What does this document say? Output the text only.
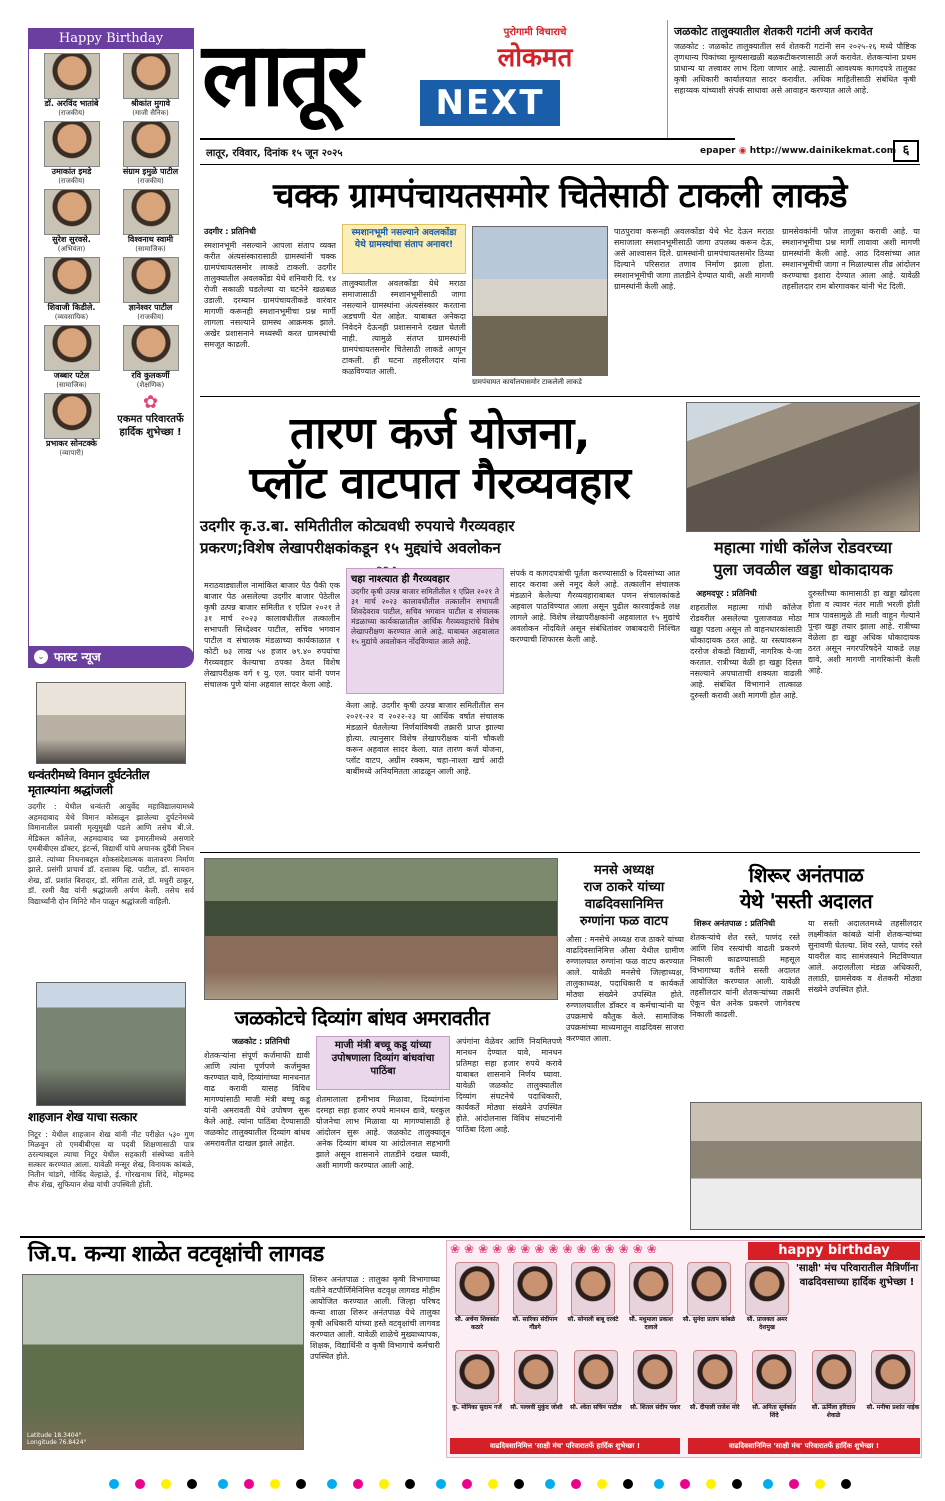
Happy Birthday
डॉ. अरविंद भातांबे
(राजकीय)
श्रीकांत मुगावे
(माजी सैनिक)
उमाकांत इमडे
(राजकीय)
संग्राम इमुळे पाटील
(राजकीय)
सुरेश सुरवसे.
(अभियंता)
विश्‍वनाथ स्वामी
(सामाजिक)
शिवाजी किडीले.
(व्यवसायिक)
ज्ञानेश्वर पाटील
(राजकीय)
जब्बार पटेल
(सामाजिक)
रवि कुलकर्णी
(शैक्षणिक)
प्रभाकर सोनटक्के
(व्यापारी)
✿
एकमत परिवारतर्फे हार्दिक शुभेच्छा !
फास्ट न्यूज
⌄
धन्वंतरीमध्ये विमान दुर्घटनेतील मृतात्म्यांना श्रद्धांजली
उदगीर : येथील धन्वंतरी आयुर्वेद महाविद्यालयामध्ये अहमदाबाद येथे विमान कोसळून झालेल्या दुर्घटनेमध्ये विमानातील प्रवासी मृत्युमुखी पडले आणि तसेच बी.जे. मेडिकल कॉलेज, अहमदाबाद च्या इमारतीमध्ये असणारे एमबीबीएस डॉक्टर, इंटर्न्स, विद्यार्थी यांचे अचानक दुर्दैवी निधन झाले. त्यांच्या निधनाबद्दल शोकसंदेशात्मक वातावरण निर्माण झाले. प्रसंगी प्राचार्य डॉ. दत्तात्रय व्हि. पाटील, डॉ. सायरान शेख, डॉ. प्रशांत बिरादार, डॉ. संगिता टाले, डॉ. मधुरी ठाकूर, डॉ. रश्मी वैद्य यांनी श्रद्धांजली अर्पण केली. तसेच सर्व विद्यार्थ्यांनी दोन मिनिटे मौन पाळून श्रद्धांजली वाहिली.
शाहजान शेख याचा सत्कार
निटूर : येथील शाहजान शेख यांनी नीट परीक्षेत ५३० गुण मिळवून तो एमबीबीएस या पदवी शिक्षणासाठी पात्र ठरल्याबद्दल त्याचा निटूर येथील सहकारी संस्थेच्या वतीने सत्कार करण्यात आला. यावेळी मन्सूर शेख, विनायक कांबळे, नितीन चांडगे, गोविंद वेल्हाळे, ई. गोरखनाथ शिंदे, मोहम्मद सैफ शेख, सुफियान शेख यांची उपस्थिती होती.
लातूर	NEXT
पुरोगामी विचाराचे
लोकमत
लातूर, रविवार, दिनांक १५ जून २०२५	epaper ◉ http://www.dainikekmat.com ६
जळकोट तालुक्यातील शेतकरी गटांनी अर्ज करावेत
जळकोट : जळकोट तालुक्यातील सर्व शेतकरी गटांनी सन २०२५-२६ मध्ये पौष्टिक तृणधान्य पिकांच्या मूल्यसाखळी बळकटीकरणासाठी अर्ज करावेत. शेतकऱ्यांना प्रथम प्राधान्य या तत्त्वावर लाभ दिला जाणार आहे. त्यासाठी आवश्यक कागदपत्रे तालुका कृषी अधिकारी कार्यालयात सादर करावीत. अधिक माहितीसाठी संबंधित कृषी सहाय्यक यांच्याशी संपर्क साधावा असे आवाहन करण्यात आले आहे.
चक्क ग्रामपंचायतसमोर चितेसाठी टाकली लाकडे
उदगीर : प्रतिनिधी
स्मशानभूमी नसल्याने आपला संताप व्यक्त करीत अंत्यसंस्कारासाठी ग्रामस्थांनी चक्क ग्रामपंचायतसमोर लाकडे टाकली. उदगीर तालुक्यातील अवलकोंडा येथे शनिवारी दि. १४ रोजी सकाळी घडलेल्या या घटनेने खळबळ उडाली. दरम्यान ग्रामपंचायतीकडे वारंवार मागणी करूनही स्मशानभूमीचा प्रश्न मार्गी लागला नसल्याने ग्रामस्थ आक्रमक झाले. अखेर प्रशासनाने मध्यस्थी करत ग्रामस्थांची समजूत काढली.
स्मशानभूमी नसल्याने अवलकोंडा येथे ग्रामस्थांचा संताप अनावर!
तालुक्यातील अवलकोंडा येथे मराठा समाजासाठी स्मशानभूमीसाठी जागा नसल्याने ग्रामस्थांना अंत्यसंस्कार करताना अडचणी येत आहेत. याबाबत अनेकदा निवेदने देऊनही प्रशासनाने दखल घेतली नाही. त्यामुळे संतप्त ग्रामस्थांनी ग्रामपंचायतसमोर चितेसाठी लाकडे आणून टाकली. ही घटना तहसीलदार यांना कळविण्यात आली.
ग्रामपंचायत कार्यालयासमोर टाकलेली लाकडे
पाठपुरावा करूनही अवलकोंडा येथे भेट देऊन मराठा समाजाला स्मशानभूमीसाठी जागा उपलब्ध करून देऊ, असे आश्वासन दिले. ग्रामस्थांनी ग्रामपंचायतसमोर ठिय्या दिल्याने परिसरात तणाव निर्माण झाला होता. स्मशानभूमीची जागा तातडीने देण्यात यावी, अशी मागणी ग्रामस्थांनी केली आहे.
ग्रामसेवकांनी फौज तालुका करावी आहे. या स्मशानभूमीचा प्रश्न मार्गी लावावा अशी मागणी ग्रामस्थांनी केली आहे. आठ दिवसांच्या आत स्मशानभूमीची जागा न मिळाल्यास तीव्र आंदोलन करण्याचा इशारा देण्यात आला आहे. यावेळी तहसीलदार राम बोरगावकर यांनी भेट दिली.
तारण कर्ज योजना,
प्लॉट वाटपात गैरव्यवहार
उदगीर कृ.उ.बा. समितीतील कोट्यवधी रुपयाचे गैरव्यवहार
प्रकरण;विशेष लेखापरीक्षकांकडून १५ मुद्द्यांचे अवलोकन
मराठवाड्यातील नामांकित बाजार पेठ पैकी एक बाजार पेठ असलेल्या उदगीर बाजार पेठेतील कृषी उत्पन्न बाजार समितीत १ एप्रिल २०२१ ते ३१ मार्च २०२३ कालावधीतील तत्कालीन सभापती सिध्देश्वर पाटील, सचिव भगवान पाटील व संचालक मंडळाच्या कार्यकाळात १ कोटी ७३ लाख ५४ हजार ७९.४० रुपयांचा गैरव्यवहार केल्याचा ठपका ठेवत विशेष लेखापरीक्षक वर्ग १ यु. एल. पवार यांनी पणन संचालक पुणे यांना अहवाल सादर केला आहे.
चहा नाश्त्यात ही गैरव्यवहार
उदगीर कृषी उत्पन्न बाजार समितीतील १ एप्रिल २०२१ ते ३१ मार्च २०२३ कालावधीतील तत्कालीन सभापती शिवदेवराव पाटील, सचिव भगवान पाटील व संचालक मंडळाच्या कार्यकाळातील आर्थिक गैरव्यवहारांचे विशेष लेखापरीक्षण करण्यात आले आहे. याबाबत अहवालात १५ मुद्यांचे अवलोकन नोंदविण्यात आले आहे.
केला आहे. उदगीर कृषी उत्पन्न बाजार समितीतील सन २०२१-२२ व २०२२-२३ या आर्थिक वर्षात संचालक मंडळाने घेतलेल्या निर्णयांविषयी तक्रारी प्राप्त झाल्या होत्या. त्यानुसार विशेष लेखापरीक्षक यांनी चौकशी करून अहवाल सादर केला. यात तारण कर्ज योजना, प्लॉट वाटप, अग्रीम रक्कम, चहा-नाश्ता खर्च आदी बाबींमध्ये अनियमितता आढळून आली आहे.
संपर्क व कागदपत्रांची पूर्तता करण्यासाठी ७ दिवसांच्या आत सादर करावा असे नमूद केले आहे. तत्कालीन संचालक मंडळाने केलेल्या गैरव्यवहाराबाबत पणन संचालकांकडे अहवाल पाठविण्यात आला असून पुढील कारवाईकडे लक्ष लागले आहे. विशेष लेखापरीक्षकांनी अहवालात १५ मुद्यांचे अवलोकन नोंदविले असून संबंधितांवर जबाबदारी निश्चित करण्याची शिफारस केली आहे.
महात्मा गांधी कॉलेज रोडवरच्या
पुला जवळील खड्डा धोकादायक
अहमदपूर : प्रतिनिधी
शहरातील महात्मा गांधी कॉलेज रोडवरील असलेल्या पुलाजवळ मोठा खड्डा पडला असून तो वाहनधारकांसाठी धोकादायक ठरत आहे. या रस्त्यावरून दररोज शेकडो विद्यार्थी, नागरिक ये-जा करतात. रात्रीच्या वेळी हा खड्डा दिसत नसल्याने अपघाताची शक्यता वाढली आहे. संबंधित विभागाने तात्काळ दुरुस्ती करावी अशी मागणी होत आहे.
दुरुस्तीच्या कामासाठी हा खड्डा खोदला होता व त्यावर नंतर माती भरली होती मात्र पावसामुळे ती माती वाहून गेल्याने पुन्हा खड्डा तयार झाला आहे. रात्रीच्या वेळेला हा खड्डा अधिक धोकादायक ठरत असून नगरपरिषदेने याकडे लक्ष द्यावे, अशी मागणी नागरिकांनी केली आहे.
जळकोटचे दिव्यांग बांधव अमरावतीत
जळकोट : प्रतिनिधी
शेतकऱ्यांना संपूर्ण कर्जमाफी द्यावी आणि त्यांना पूर्णपणे कर्जमुक्त करण्यात यावे, दिव्यांगांच्या मानधनात वाढ करावी यासह विविध मागण्यांसाठी माजी मंत्री बच्चू कडू यांनी अमरावती येथे उपोषण सुरू केले आहे. त्यांना पाठिंबा देण्यासाठी जळकोट तालुक्यातील दिव्यांग बांधव अमरावतीत दाखल झाले आहेत.
माजी मंत्री बच्चू कडू यांच्या उपोषणाला दिव्यांग बांधवांचा पाठिंबा
शेतमालाला हमीभाव मिळावा, दिव्यांगांना दरमहा सहा हजार रुपये मानधन द्यावे, घरकुल योजनेचा लाभ मिळावा या मागण्यांसाठी हे आंदोलन सुरू आहे. जळकोट तालुक्यातून अनेक दिव्यांग बांधव या आंदोलनात सहभागी झाले असून शासनाने तातडीने दखल घ्यावी, अशी मागणी करण्यात आली आहे.
अपंगांना वेळेवर आणि नियमितपणे मानधन देण्यात यावे, मानधन प्रतिमहा सहा हजार रुपये करावे याबाबत शासनाने निर्णय घ्यावा. यावेळी जळकोट तालुक्यातील दिव्यांग संघटनेचे पदाधिकारी, कार्यकर्ते मोठ्या संख्येने उपस्थित होते. आंदोलनास विविध संघटनांनी पाठिंबा दिला आहे.
मनसे अध्यक्ष
राज ठाकरे यांच्या
वाढदिवसानिमित्त
रुग्णांना फळ वाटप
औसा : मनसेचे अध्यक्ष राज ठाकरे यांच्या वाढदिवसानिमित्त औसा येथील ग्रामीण रुग्णालयात रुग्णांना फळ वाटप करण्यात आले. यावेळी मनसेचे जिल्हाध्यक्ष, तालुकाध्यक्ष, पदाधिकारी व कार्यकर्ते मोठ्या संख्येने उपस्थित होते. रुग्णालयातील डॉक्टर व कर्मचाऱ्यांनी या उपक्रमाचे कौतुक केले. सामाजिक उपक्रमांच्या माध्यमातून वाढदिवस साजरा करण्यात आला.
शिरूर अनंतपाळ
येथे 'सस्ती अदालत
शिरूर अनंतपाळ : प्रतिनिधी
शेतकऱ्यांचे शेत रस्ते, पाणंद रस्ते आणि शिव रस्त्यांची वाढती प्रकरणे निकाली काढण्यासाठी महसूल विभागाच्या वतीने सस्ती अदालत आयोजित करण्यात आली. यावेळी तहसीलदार यांनी शेतकऱ्यांच्या तक्रारी ऐकून घेत अनेक प्रकरणे जागेवरच निकाली काढली.
या सस्ती अदालतमध्ये तहसीलदार लक्ष्मीकांत कांबळे यांनी शेतकऱ्यांच्या सुनावणी घेतल्या. शिव रस्ते, पाणंद रस्ते यावरील वाद सामंजस्याने मिटविण्यात आले. अदालतीला मंडळ अधिकारी, तलाठी, ग्रामसेवक व शेतकरी मोठ्या संख्येने उपस्थित होते.
जि.प. कन्या शाळेत वटवृक्षांची लागवड
Latitude 18.3404°
Longitude 76.8424°
शिरूर अनंतपाळ : तालुका कृषी विभागाच्या वतीने वटपौर्णिमेनिमित्त वटवृक्ष लागवड मोहीम आयोजित करण्यात आली. जिल्हा परिषद कन्या शाळा शिरूर अनंतपाळ येथे तालुका कृषी अधिकारी यांच्या हस्ते वटवृक्षांची लागवड करण्यात आली. यावेळी शाळेचे मुख्याध्यापक, शिक्षक, विद्यार्थिनी व कृषी विभागाचे कर्मचारी उपस्थित होते.
❀❀❀❀❀❀❀❀❀❀❀❀❀❀❀	happy birthday
'साक्षी' मंच परिवारातील मैत्रिणींना वाढदिवसाच्या हार्दिक शुभेच्छा !
सौ. अर्चना शिवकांत कठारे
सौ. सारिका संदीपान गौंडगे
सौ. सोनाली बाबू दरवंटे	सौ. मधुमाला प्रकाश दलाले
सौ. सुनंदा प्रताप कांबळे	सौ. प्राजक्ता अमर देशमुख
कु. मोनिका सुदाम गर्जे	सौ. पल्लवी मुकुंद जोशी सौ. श्वेता सचिन पाटील	सौ. शितल संदीप पवार	सौ. दीपाली राजेश मोरे	सौ. अनिता सूर्यकांत शिंदे
सौ. ऊर्मिला हरिदास शेवाळे
सौ. मनीषा प्रशांत नाईक
वाढदिवसानिमित्त 'साक्षी मंच' परिवारातर्फे हार्दिक शुभेच्छा !	वाढदिवसानिमित्त 'साक्षी मंच' परिवारातर्फे हार्दिक शुभेच्छा !
